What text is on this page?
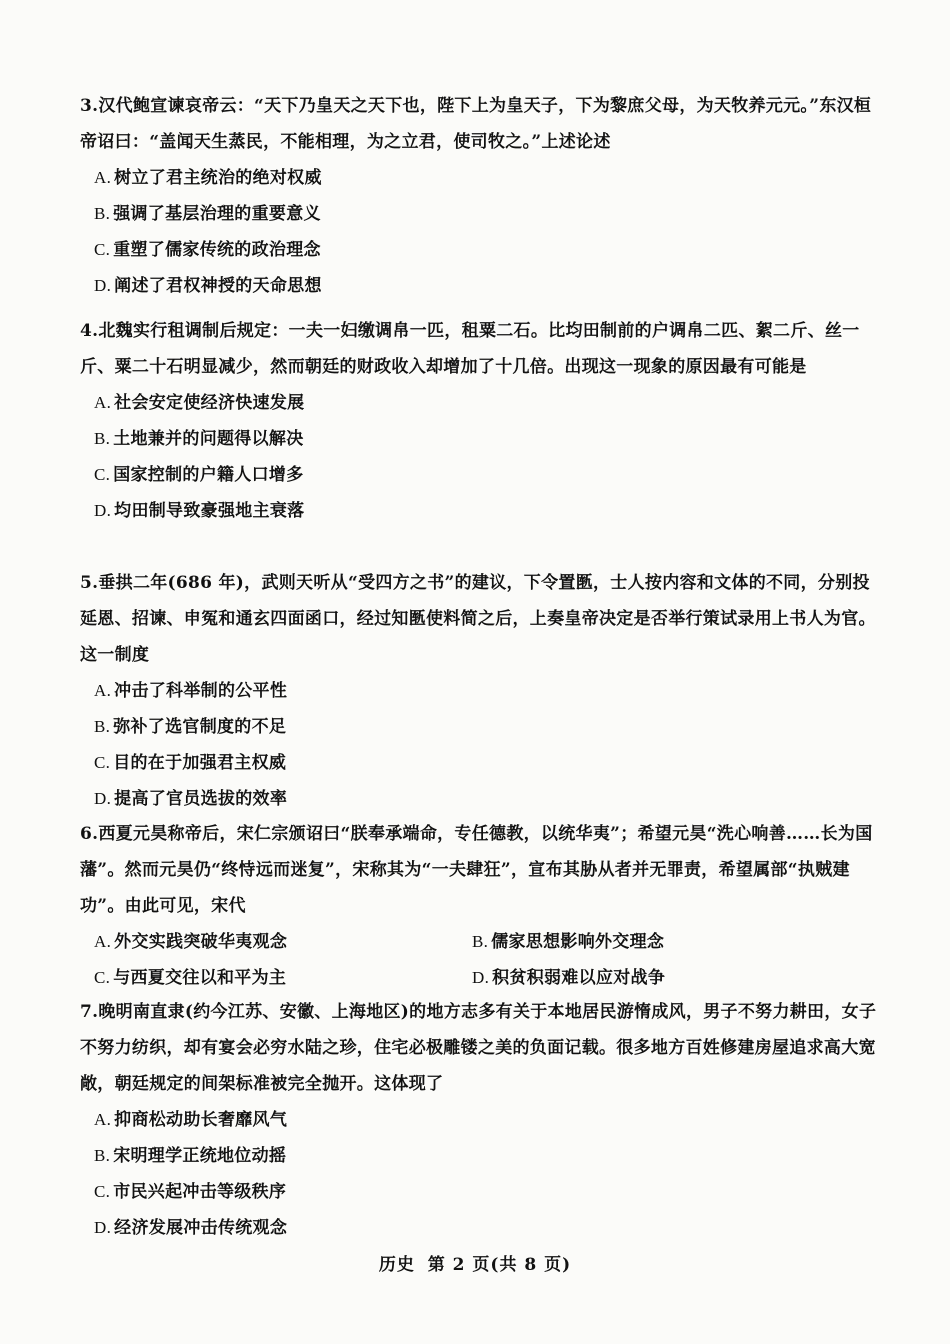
3.汉代鲍宣谏哀帝云：“天下乃皇天之天下也，陛下上为皇天子，下为黎庶父母，为天牧养元元。”东汉桓帝诏曰：“盖闻天生蒸民，不能相理，为之立君，使司牧之。”上述论述
A. 树立了君主统治的绝对权威
B. 强调了基层治理的重要意义
C. 重塑了儒家传统的政治理念
D. 阐述了君权神授的天命思想
4.北魏实行租调制后规定：一夫一妇缴调帛一匹，租粟二石。比均田制前的户调帛二匹、絮二斤、丝一斤、粟二十石明显减少，然而朝廷的财政收入却增加了十几倍。出现这一现象的原因最有可能是
A. 社会安定使经济快速发展
B. 土地兼并的问题得以解决
C. 国家控制的户籍人口增多
D. 均田制导致豪强地主衰落
5.垂拱二年(686 年)，武则天听从“受四方之书”的建议，下令置匦，士人按内容和文体的不同，分别投延恩、招谏、申冤和通玄四面函口，经过知匦使料简之后，上奏皇帝决定是否举行策试录用上书人为官。这一制度
A. 冲击了科举制的公平性
B. 弥补了选官制度的不足
C. 目的在于加强君主权威
D. 提高了官员选拔的效率
6.西夏元昊称帝后，宋仁宗颁诏曰“朕奉承端命，专任德教，以统华夷”；希望元昊“洗心响善……长为国藩”。然而元昊仍“终恃远而迷复”，宋称其为“一夫肆狂”，宣布其胁从者并无罪责，希望属部“执贼建功”。由此可见，宋代
A. 外交实践突破华夷观念	B. 儒家思想影响外交理念
C. 与西夏交往以和平为主	D. 积贫积弱难以应对战争
7.晚明南直隶(约今江苏、安徽、上海地区)的地方志多有关于本地居民游惰成风，男子不努力耕田，女子不努力纺织，却有宴会必穷水陆之珍，住宅必极雕镂之美的负面记载。很多地方百姓修建房屋追求高大宽敞，朝廷规定的间架标准被完全抛开。这体现了
A. 抑商松动助长奢靡风气
B. 宋明理学正统地位动摇
C. 市民兴起冲击等级秩序
D. 经济发展冲击传统观念
历史 第 2 页(共 8 页)
